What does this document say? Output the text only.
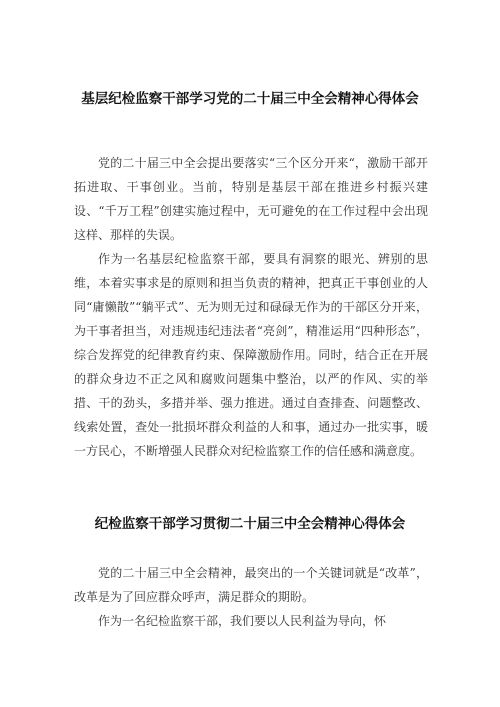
基层纪检监察干部学习党的二十届三中全会精神心得体会

党的二十届三中全会提出要落实“三个区分开来“，激励干部开拓进取、干事创业。当前，特别是基层干部在推进乡村振兴建设、“千万工程”创建实施过程中，无可避免的在工作过程中会出现这样、那样的失误。

作为一名基层纪检监察干部，要具有洞察的眼光、辨别的思维，本着实事求是的原则和担当负责的精神，把真正干事创业的人同“庸懒散”“躺平式”、无为则无过和碌碌无作为的干部区分开来，为干事者担当，对违规违纪违法者“亮剑”，精准运用“四种形态”，综合发挥党的纪律教育约束、保障激励作用。同时，结合正在开展的群众身边不正之风和腐败问题集中整治，以严的作风、实的举措、干的劲头，多措并举、强力推进。通过自查排查、问题整改、线索处置，查处一批损坏群众利益的人和事，通过办一批实事，暖一方民心，不断增强人民群众对纪检监察工作的信任感和满意度。

纪检监察干部学习贯彻二十届三中全会精神心得体会

党的二十届三中全会精神，最突出的一个关键词就是“改革”，改革是为了回应群众呼声，满足群众的期盼。

作为一名纪检监察干部，我们要以人民利益为导向，怀
